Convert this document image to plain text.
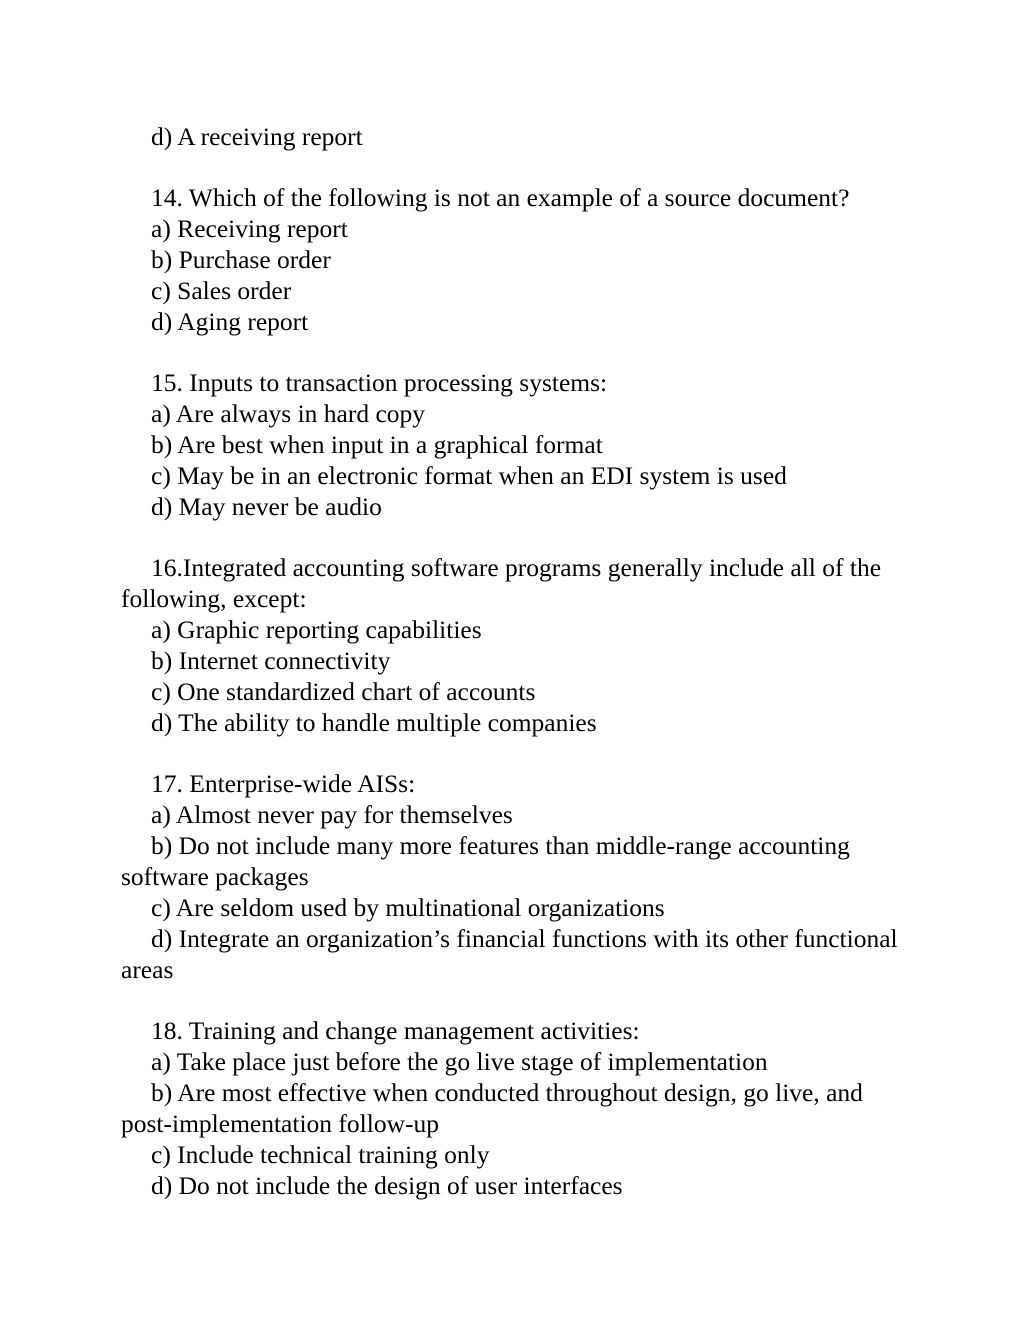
d) A receiving report

14. Which of the following is not an example of a source document?

a) Receiving report

b) Purchase order

c) Sales order

d) Aging report

15. Inputs to transaction processing systems:

a) Are always in hard copy

b) Are best when input in a graphical format

c) May be in an electronic format when an EDI system is used

d) May never be audio

16.Integrated accounting software programs generally include all of the following, except:

a) Graphic reporting capabilities

b) Internet connectivity

c) One standardized chart of accounts

d) The ability to handle multiple companies

17. Enterprise-wide AISs:

a) Almost never pay for themselves

b) Do not include many more features than middle-range accounting software packages

c) Are seldom used by multinational organizations

d) Integrate an organization’s financial functions with its other functional areas

18. Training and change management activities:

a) Take place just before the go live stage of implementation

b) Are most effective when conducted throughout design, go live, and post-implementation follow-up

c) Include technical training only

d) Do not include the design of user interfaces
